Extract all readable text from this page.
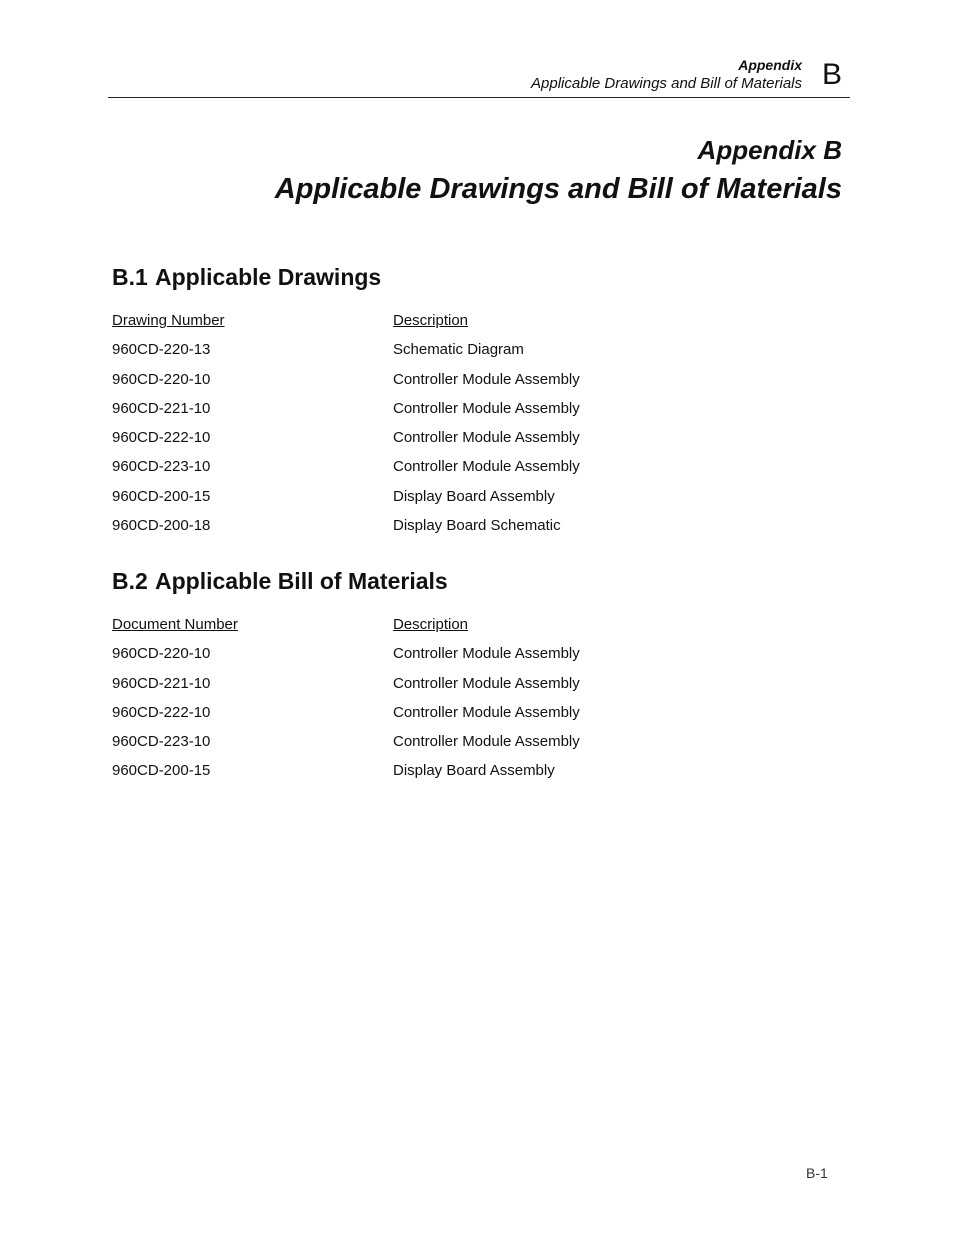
Appendix
Applicable Drawings and Bill of Materials B
Appendix B
Applicable Drawings and Bill of Materials
B.1 Applicable Drawings
Drawing Number	Description
960CD-220-13	Schematic Diagram
960CD-220-10	Controller Module Assembly
960CD-221-10	Controller Module Assembly
960CD-222-10	Controller Module Assembly
960CD-223-10	Controller Module Assembly
960CD-200-15	Display Board Assembly
960CD-200-18	Display Board Schematic
B.2 Applicable Bill of Materials
Document Number	Description
960CD-220-10	Controller Module Assembly
960CD-221-10	Controller Module Assembly
960CD-222-10	Controller Module Assembly
960CD-223-10	Controller Module Assembly
960CD-200-15	Display Board Assembly
B-1
